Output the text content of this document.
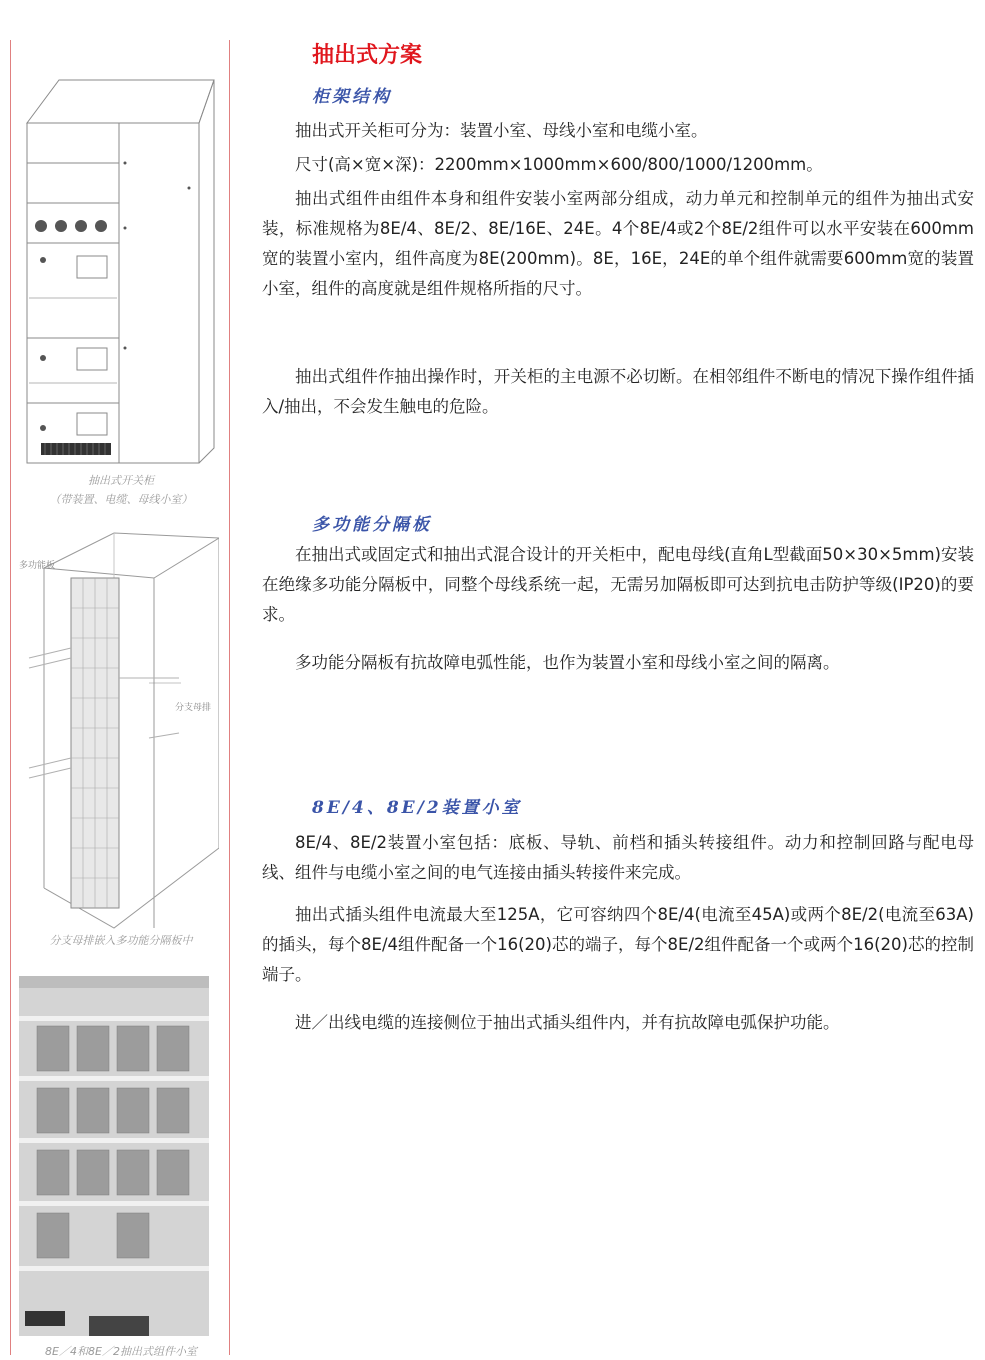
抽出式开关柜
（带装置、电缆、母线小室）
多功能板
分支母排
分支母排嵌入多功能分隔板中
8E／4和8E／2抽出式组件小室
抽出式方案
柜架结构

抽出式开关柜可分为：装置小室、母线小室和电缆小室。

尺寸(高×宽×深)：2200mm×1000mm×600/800/1000/1200mm。

抽出式组件由组件本身和组件安装小室两部分组成，动力单元和控制单元的组件为抽出式安装，标准规格为8E/4、8E/2、8E/16E、24E。4个8E/4或2个8E/2组件可以水平安装在600mm宽的装置小室内，组件高度为8E(200mm)。8E，16E，24E的单个组件就需要600mm宽的装置小室，组件的高度就是组件规格所指的尺寸。

抽出式组件作抽出操作时，开关柜的主电源不必切断。在相邻组件不断电的情况下操作组件插入/抽出，不会发生触电的危险。

多功能分隔板

在抽出式或固定式和抽出式混合设计的开关柜中，配电母线(直角L型截面50×30×5mm)安装在绝缘多功能分隔板中，同整个母线系统一起，无需另加隔板即可达到抗电击防护等级(IP20)的要求。

多功能分隔板有抗故障电弧性能，也作为装置小室和母线小室之间的隔离。

8E/4、8E/2装置小室

8E/4、8E/2装置小室包括：底板、导轨、前档和插头转接组件。动力和控制回路与配电母线、组件与电缆小室之间的电气连接由插头转接件来完成。

抽出式插头组件电流最大至125A，它可容纳四个8E/4(电流至45A)或两个8E/2(电流至63A)的插头，每个8E/4组件配备一个16(20)芯的端子，每个8E/2组件配备一个或两个16(20)芯的控制端子。

进／出线电缆的连接侧位于抽出式插头组件内，并有抗故障电弧保护功能。
